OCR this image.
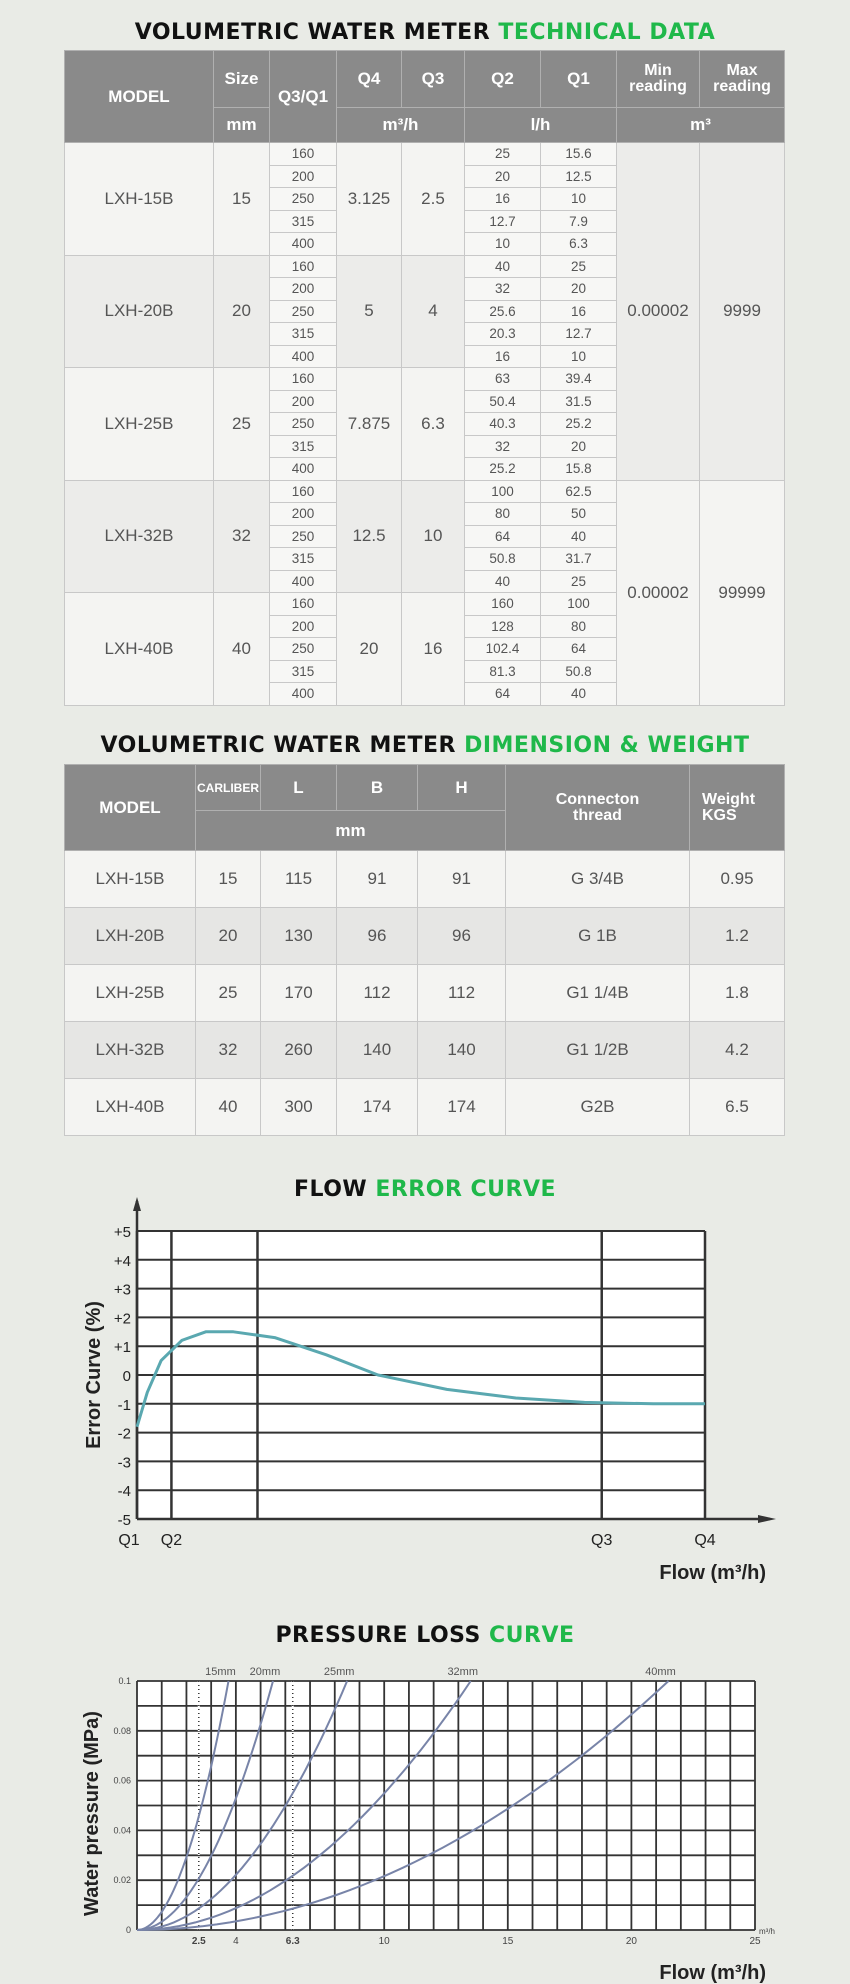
VOLUMETRIC WATER METER TECHNICAL DATA
MODEL	Size	Q3/Q1	Q4	Q3	Q2	Q1	Min reading	Max reading
	mm		m³/h		l/h		m³	
LXH-15B	15	160	3.125	2.5	25	15.6	0.00002	9999
		200			20	12.5		
		250			16	10		
		315			12.7	7.9		
		400			10	6.3		
LXH-20B	20	160	5	4	40	25		
		200			32	20		
		250			25.6	16		
		315			20.3	12.7		
		400			16	10		
LXH-25B	25	160	7.875	6.3	63	39.4		
		200			50.4	31.5		
		250			40.3	25.2		
		315			32	20		
		400			25.2	15.8		
LXH-32B	32	160	12.5	10	100	62.5	0.00002	99999
		200			80	50		
		250			64	40		
		315			50.8	31.7		
		400			40	25		
LXH-40B	40	160	20	16	160	100		
		200			128	80		
		250			102.4	64		
		315			81.3	50.8		
		400			64	40		
VOLUMETRIC WATER METER DIMENSION & WEIGHT
MODEL	CARLIBER	L	B	H	Connecton thread	Weight KGS
	mm					
LXH-15B	15	115	91	91	G 3/4B	0.95
LXH-20B	20	130	96	96	G 1B	1.2
LXH-25B	25	170	112	112	G1 1/4B	1.8
LXH-32B	32	260	140	140	G1 1/2B	4.2
LXH-40B	40	300	174	174	G2B	6.5
FLOW ERROR CURVE
+5
+4
+3
+2
+1
0
-1
-2
-3
-4
-5
Q1 Q2	Q3	Q4
Error Curve (%)
Flow (m³/h)
PRESSURE LOSS CURVE
15mm 20mm	25mm	32mm	40mm
0
0.02
0.04
0.06
0.08
0.1
2.5	4	6.3	10	15	20	25
m³/h
Water pressure (MPa)
Flow (m³/h)
